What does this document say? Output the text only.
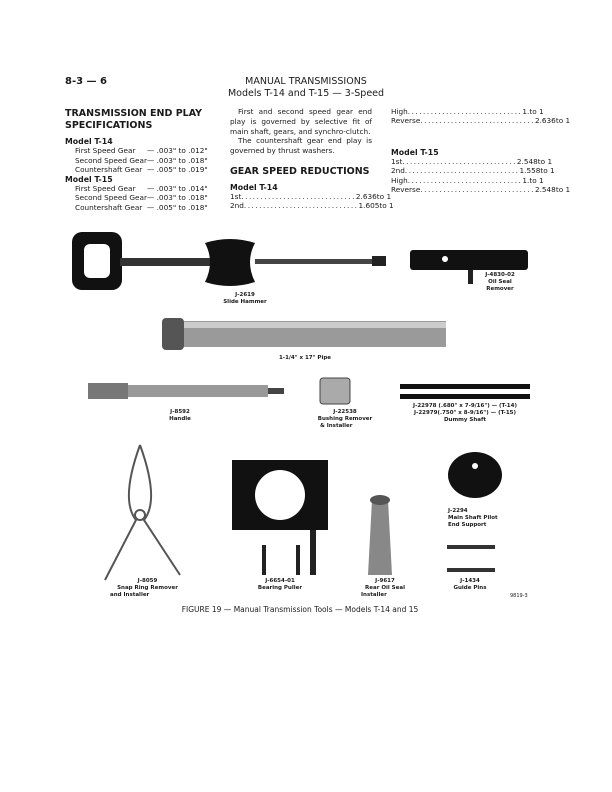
8-3 — 6	MANUAL TRANSMISSIONS
Models T-14 and T-15 — 3-Speed
TRANSMISSION END PLAY
SPECIFICATIONS
Model T-14
First Speed Gear — .003" to .012"
Second Speed Gear— .003" to .018"
Countershaft Gear — .005" to .019"
Model T-15
First Speed Gear — .003" to .014"
Second Speed Gear— .003" to .018"
Countershaft Gear — .005" to .018"
First and second speed gear end play is governed by selective fit of main shaft, gears, and synchro-clutch.
The countershaft gear end play is governed by thrust washers.
GEAR SPEED REDUCTIONS
Model T-14
1st .............................. 2.636 to 1
2nd .............................. 1.605 to 1
High .............................. 1. to 1
Reverse .............................. 2.636 to 1
Model T-15
1st .............................. 2.548 to 1
2nd .............................. 1.558 to 1
High .............................. 1. to 1
Reverse .............................. 2.548 to 1
J-2619
Slide Hammer
J-4830-02
Oil Seal
Remover
1-1/4" x 17" Pipe
J-8592
Handle
J-22538
Bushing Remover
& Installer
J-22978 (.680" x 7-9/16") — (T-14)
J-22979(.750" x 8-9/16") — (T-15)
Dummy Shaft
J-2294
Main Shaft Pilot
End Support
J-8059
Snap Ring Remover
and Installer
J-6654-01
Bearing Puller
J-9617
Rear Oil Seal
Installer
J-1434
Guide Pins
9819-3
FIGURE 19 — Manual Transmission Tools — Models T-14 and 15
